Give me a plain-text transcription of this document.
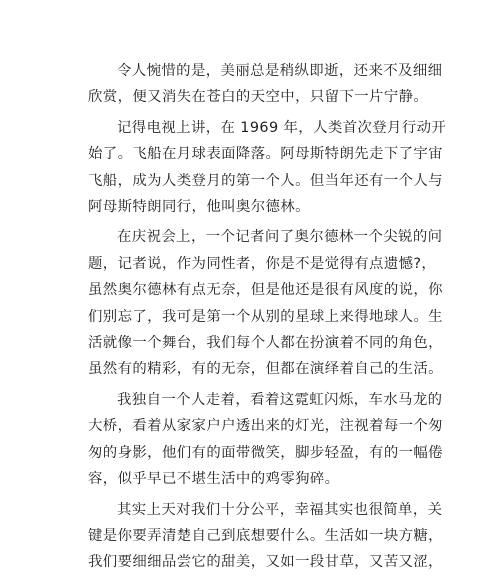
令人惋惜的是，美丽总是稍纵即逝，还来不及细细
欣赏，便又消失在苍白的天空中，只留下一片宁静。
记得电视上讲，在 1969 年，人类首次登月行动开
始了。飞船在月球表面降落。阿母斯特朗先走下了宇宙
飞船，成为人类登月的第一个人。但当年还有一个人与
阿母斯特朗同行，他叫奥尔德林。
在庆祝会上，一个记者问了奥尔德林一个尖锐的问
题，记者说，作为同性者，你是不是觉得有点遗憾?，
虽然奥尔德林有点无奈，但是他还是很有风度的说，你
们别忘了，我可是第一个从别的星球上来得地球人。生
活就像一个舞台，我们每个人都在扮演着不同的角色，
虽然有的精彩，有的无奈，但都在演绎着自己的生活。
我独自一个人走着，看着这霓虹闪烁，车水马龙的
大桥，看着从家家户户透出来的灯光，注视着每一个匆
匆的身影，他们有的面带微笑，脚步轻盈，有的一幅倦
容，似乎早已不堪生活中的鸡零狗碎。
其实上天对我们十分公平，幸福其实也很简单，关
键是你要弄清楚自己到底想要什么。生活如一块方糖，
我们要细细品尝它的甜美，又如一段甘草，又苦又涩，
